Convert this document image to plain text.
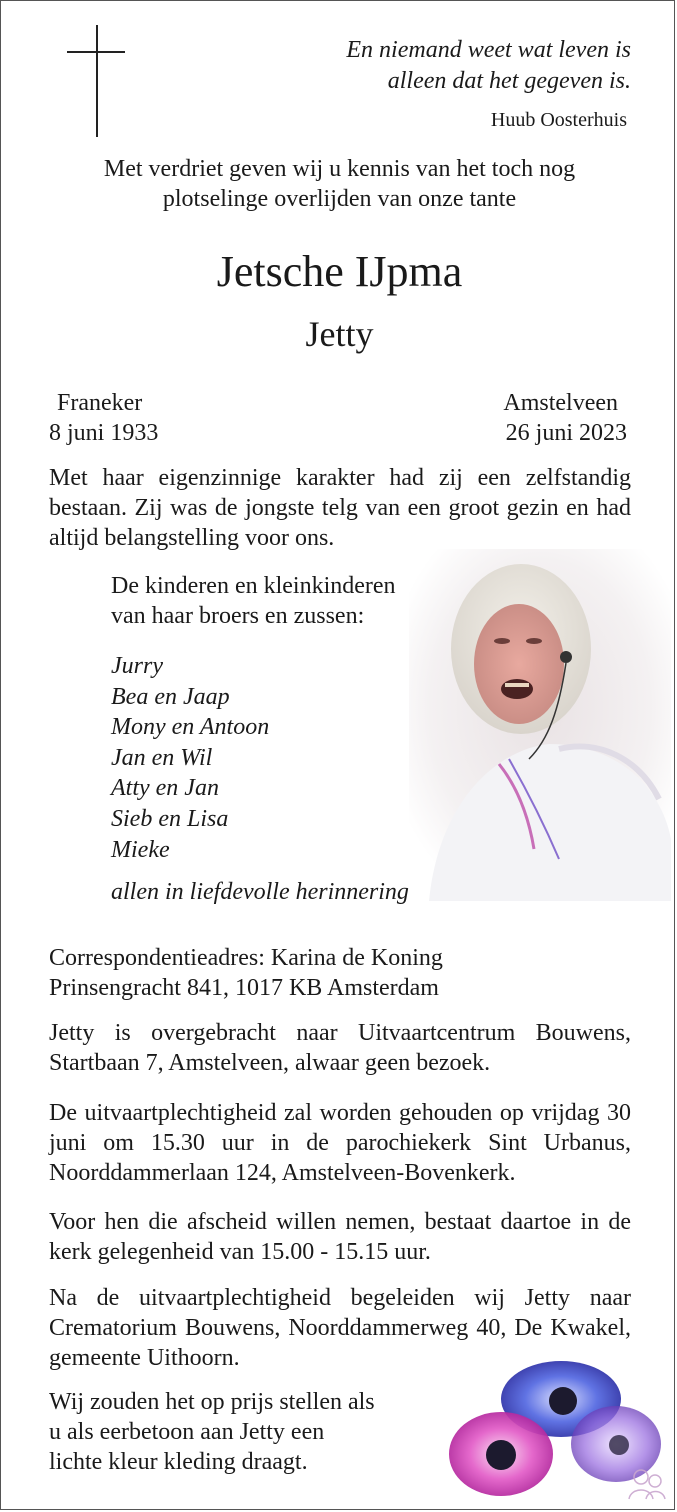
En niemand weet wat leven is
alleen dat het gegeven is.
Huub Oosterhuis
Met verdriet geven wij u kennis van het toch nog
plotselinge overlijden van onze tante
Jetsche IJpma
Jetty
Franeker
8 juni 1933
Amstelveen
26 juni 2023
Met haar eigenzinnige karakter had zij een zelfstandig bestaan. Zij was de jongste telg van een groot gezin en had altijd belangstelling voor ons.
De kinderen en kleinkinderen
van haar broers en zussen:
Jurry
Bea en Jaap
Mony en Antoon
Jan en Wil
Atty en Jan
Sieb en Lisa
Mieke
allen in liefdevolle herinnering
Correspondentieadres: Karina de Koning
Prinsengracht 841, 1017 KB Amsterdam
Jetty is overgebracht naar Uitvaartcentrum Bouwens, Startbaan 7, Amstelveen, alwaar geen bezoek.
De uitvaartplechtigheid zal worden gehouden op vrijdag 30 juni om 15.30 uur in de parochiekerk Sint Urbanus, Noorddammerlaan 124, Amstelveen-Bovenkerk.
Voor hen die afscheid willen nemen, bestaat daartoe in de kerk gelegenheid van 15.00 - 15.15 uur.
Na de uitvaartplechtigheid begeleiden wij Jetty naar Crematorium Bouwens, Noorddammerweg 40, De Kwakel, gemeente Uithoorn.
Wij zouden het op prijs stellen als
u als eerbetoon aan Jetty een
lichte kleur kleding draagt.
